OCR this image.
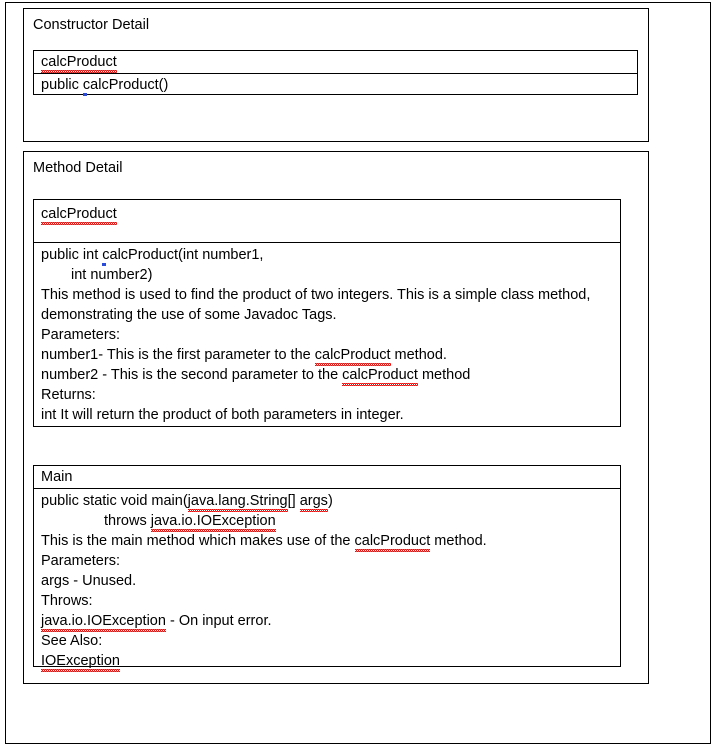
Constructor Detail
calcProduct
public calcProduct()
Method Detail
calcProduct
public int calcProduct(int number1,
int number2)
This method is used to find the product of two integers. This is a simple class method,
demonstrating the use of some Javadoc Tags.
Parameters:
number1- This is the first parameter to the calcProduct method.
number2 - This is the second parameter to the calcProduct method
Returns:
int It will return the product of both parameters in integer.
Main
public static void main(java.lang.String[] args)
throws java.io.IOException
This is the main method which makes use of the calcProduct method.
Parameters:
args - Unused.
Throws:
java.io.IOException - On input error.
See Also:
IOException
